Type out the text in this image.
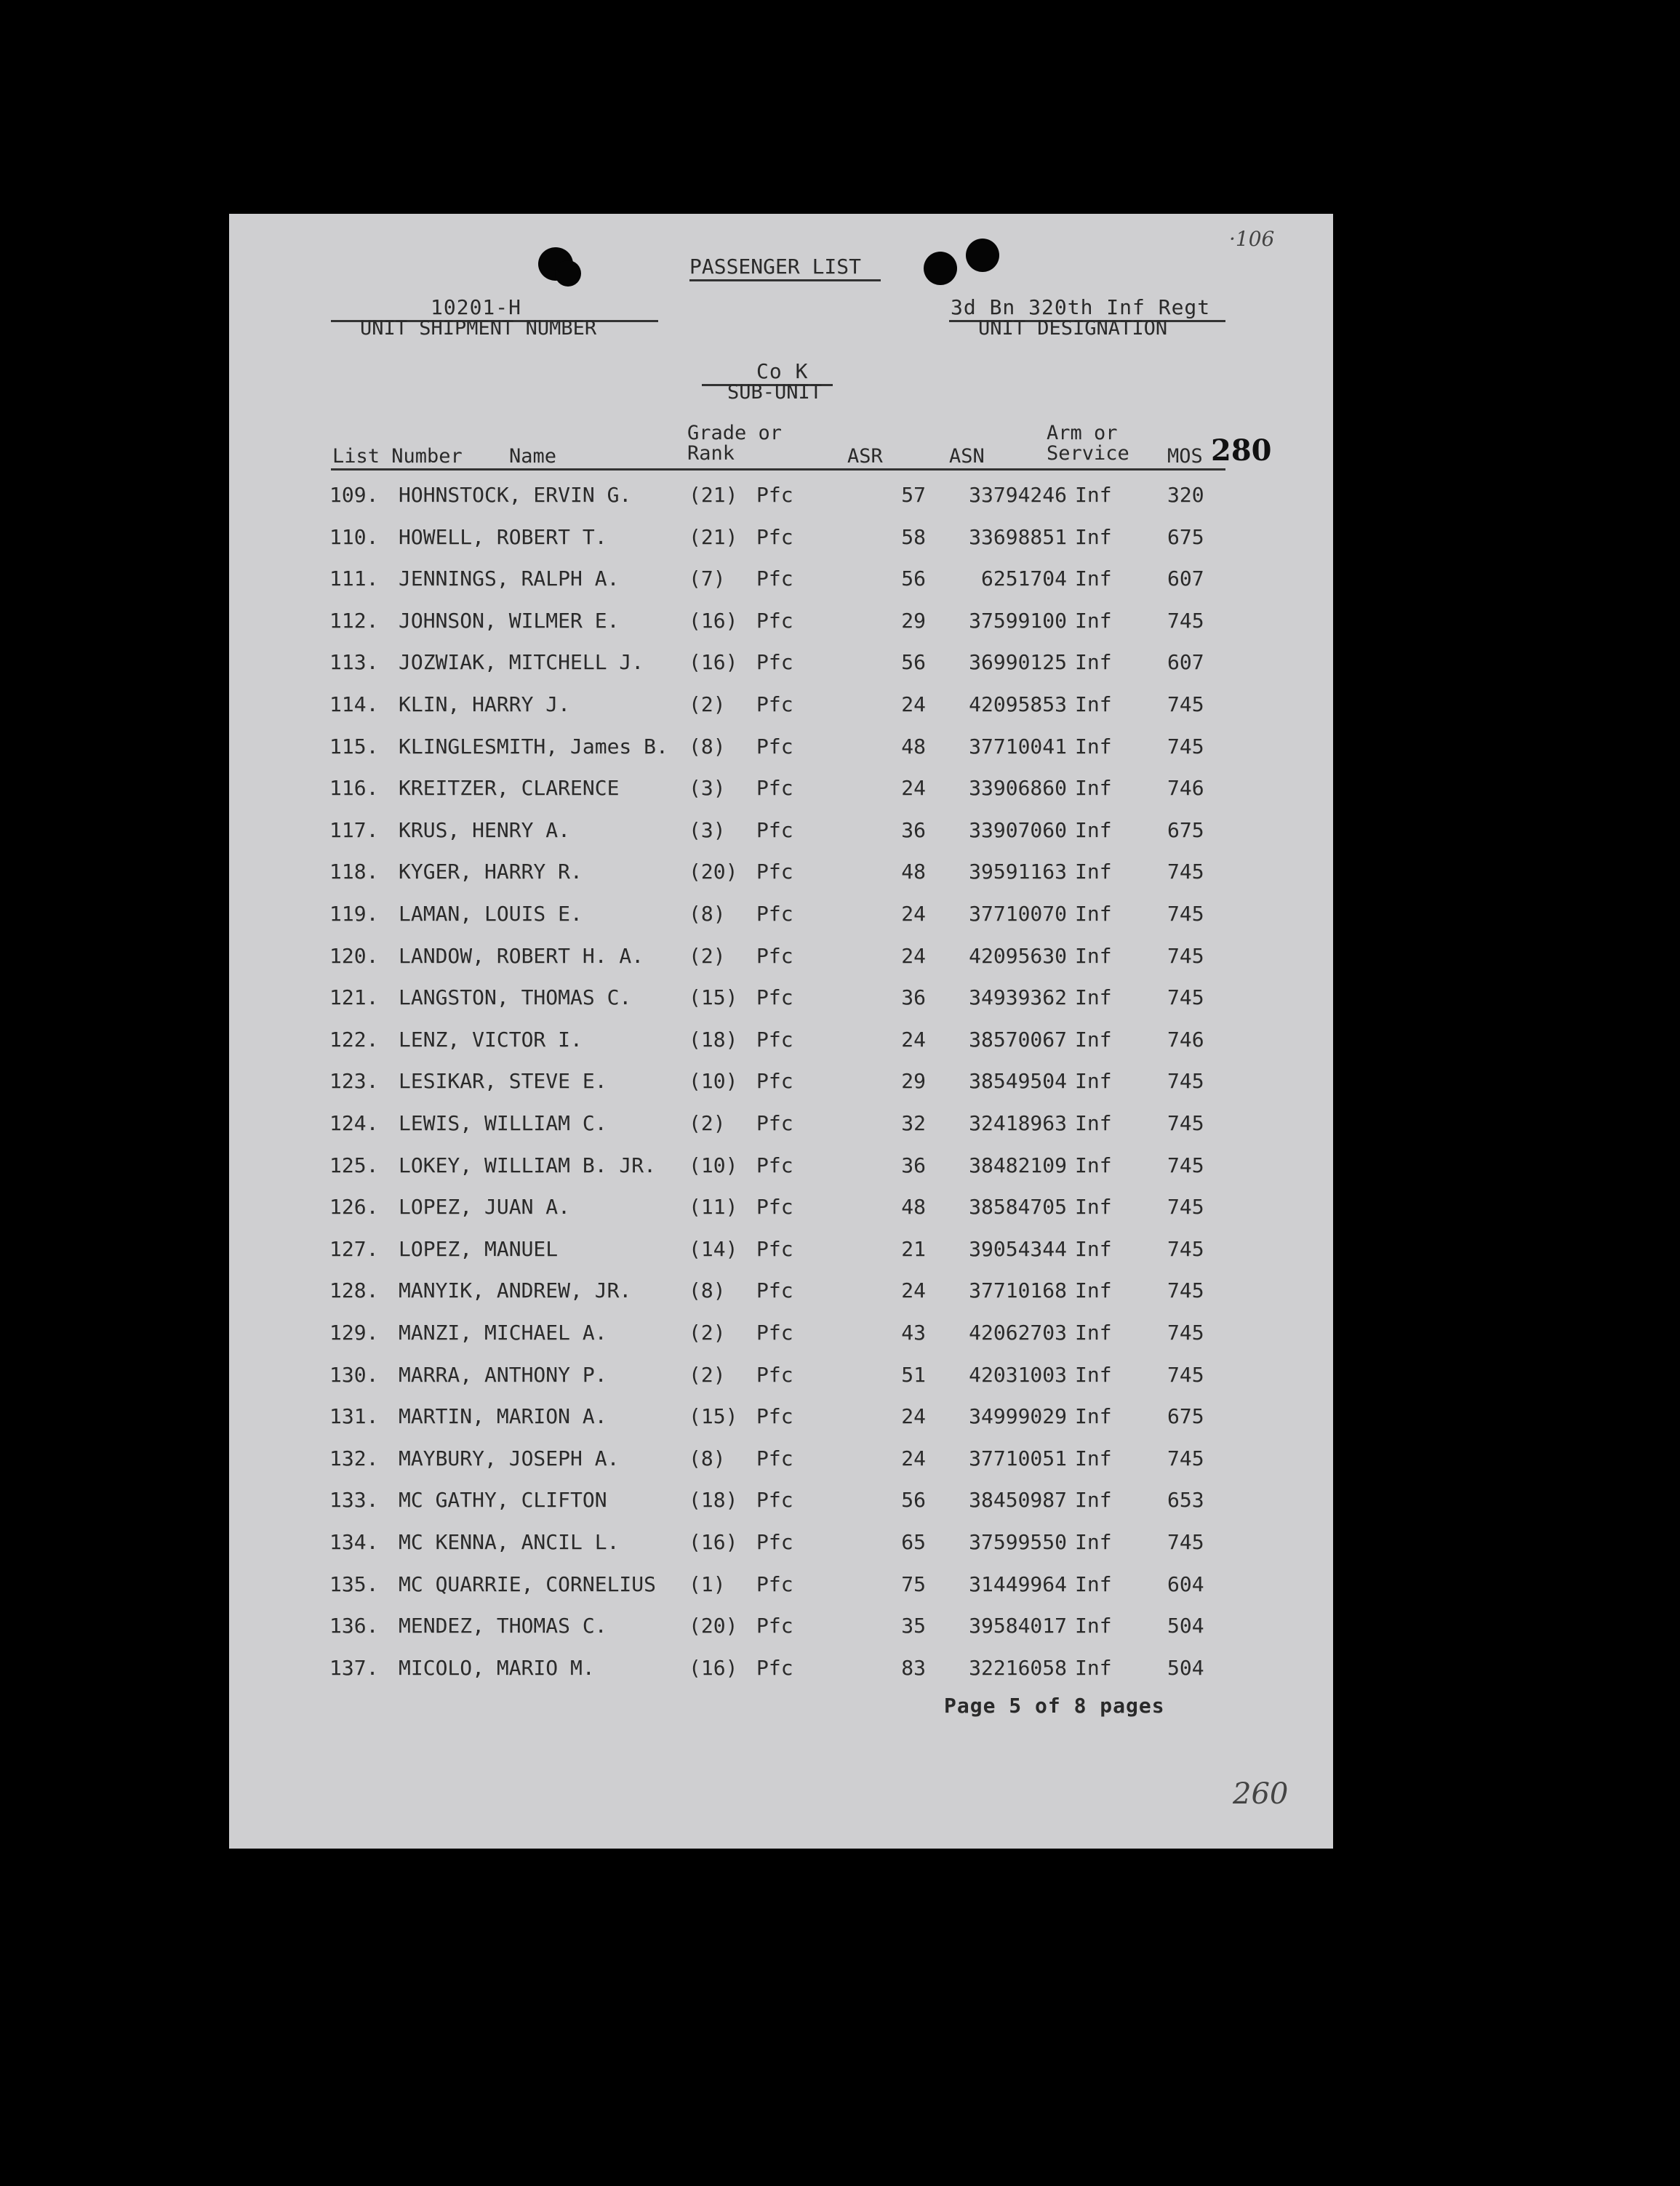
·106
PASSENGER LIST
10201-H
UNIT SHIPMENT NUMBER
3d Bn 320th Inf Regt
UNIT DESIGNATION
Co K
SUB-UNIT
Grade or
Rank
Arm or
Service
List Number Name	ASR	ASN	MOS 280
109. HOHNSTOCK, ERVIN G.	(21) Pfc	57	33794246 Inf	320
110. HOWELL, ROBERT T.	(21) Pfc	58	33698851 Inf	675
111. JENNINGS, RALPH A.	(7) Pfc	56	6251704 Inf	607
112. JOHNSON, WILMER E.	(16) Pfc	29	37599100 Inf	745
113. JOZWIAK, MITCHELL J. (16) Pfc	56	36990125 Inf	607
114. KLIN, HARRY J.	(2) Pfc	24	42095853 Inf	745
115. KLINGLESMITH, James B. (8) Pfc	48	37710041 Inf	745
116. KREITZER, CLARENCE	(3) Pfc	24	33906860 Inf	746
117. KRUS, HENRY A.	(3) Pfc	36	33907060 Inf	675
118. KYGER, HARRY R.	(20) Pfc	48	39591163 Inf	745
119. LAMAN, LOUIS E.	(8) Pfc	24	37710070 Inf	745
120. LANDOW, ROBERT H. A. (2) Pfc	24	42095630 Inf	745
121. LANGSTON, THOMAS C.	(15) Pfc	36	34939362 Inf	745
122. LENZ, VICTOR I.	(18) Pfc	24	38570067 Inf	746
123. LESIKAR, STEVE E.	(10) Pfc	29	38549504 Inf	745
124. LEWIS, WILLIAM C.	(2) Pfc	32	32418963 Inf	745
125. LOKEY, WILLIAM B. JR. (10) Pfc	36	38482109 Inf	745
126. LOPEZ, JUAN A.	(11) Pfc	48	38584705 Inf	745
127. LOPEZ, MANUEL	(14) Pfc	21	39054344 Inf	745
128. MANYIK, ANDREW, JR.	(8) Pfc	24	37710168 Inf	745
129. MANZI, MICHAEL A.	(2) Pfc	43	42062703 Inf	745
130. MARRA, ANTHONY P.	(2) Pfc	51	42031003 Inf	745
131. MARTIN, MARION A.	(15) Pfc	24	34999029 Inf	675
132. MAYBURY, JOSEPH A.	(8) Pfc	24	37710051 Inf	745
133. MC GATHY, CLIFTON	(18) Pfc	56	38450987 Inf	653
134. MC KENNA, ANCIL L.	(16) Pfc	65	37599550 Inf	745
135. MC QUARRIE, CORNELIUS (1) Pfc	75	31449964 Inf	604
136. MENDEZ, THOMAS C.	(20) Pfc	35	39584017 Inf	504
137. MICOLO, MARIO M.	(16) Pfc	83	32216058 Inf	504
Page 5 of 8 pages
260
